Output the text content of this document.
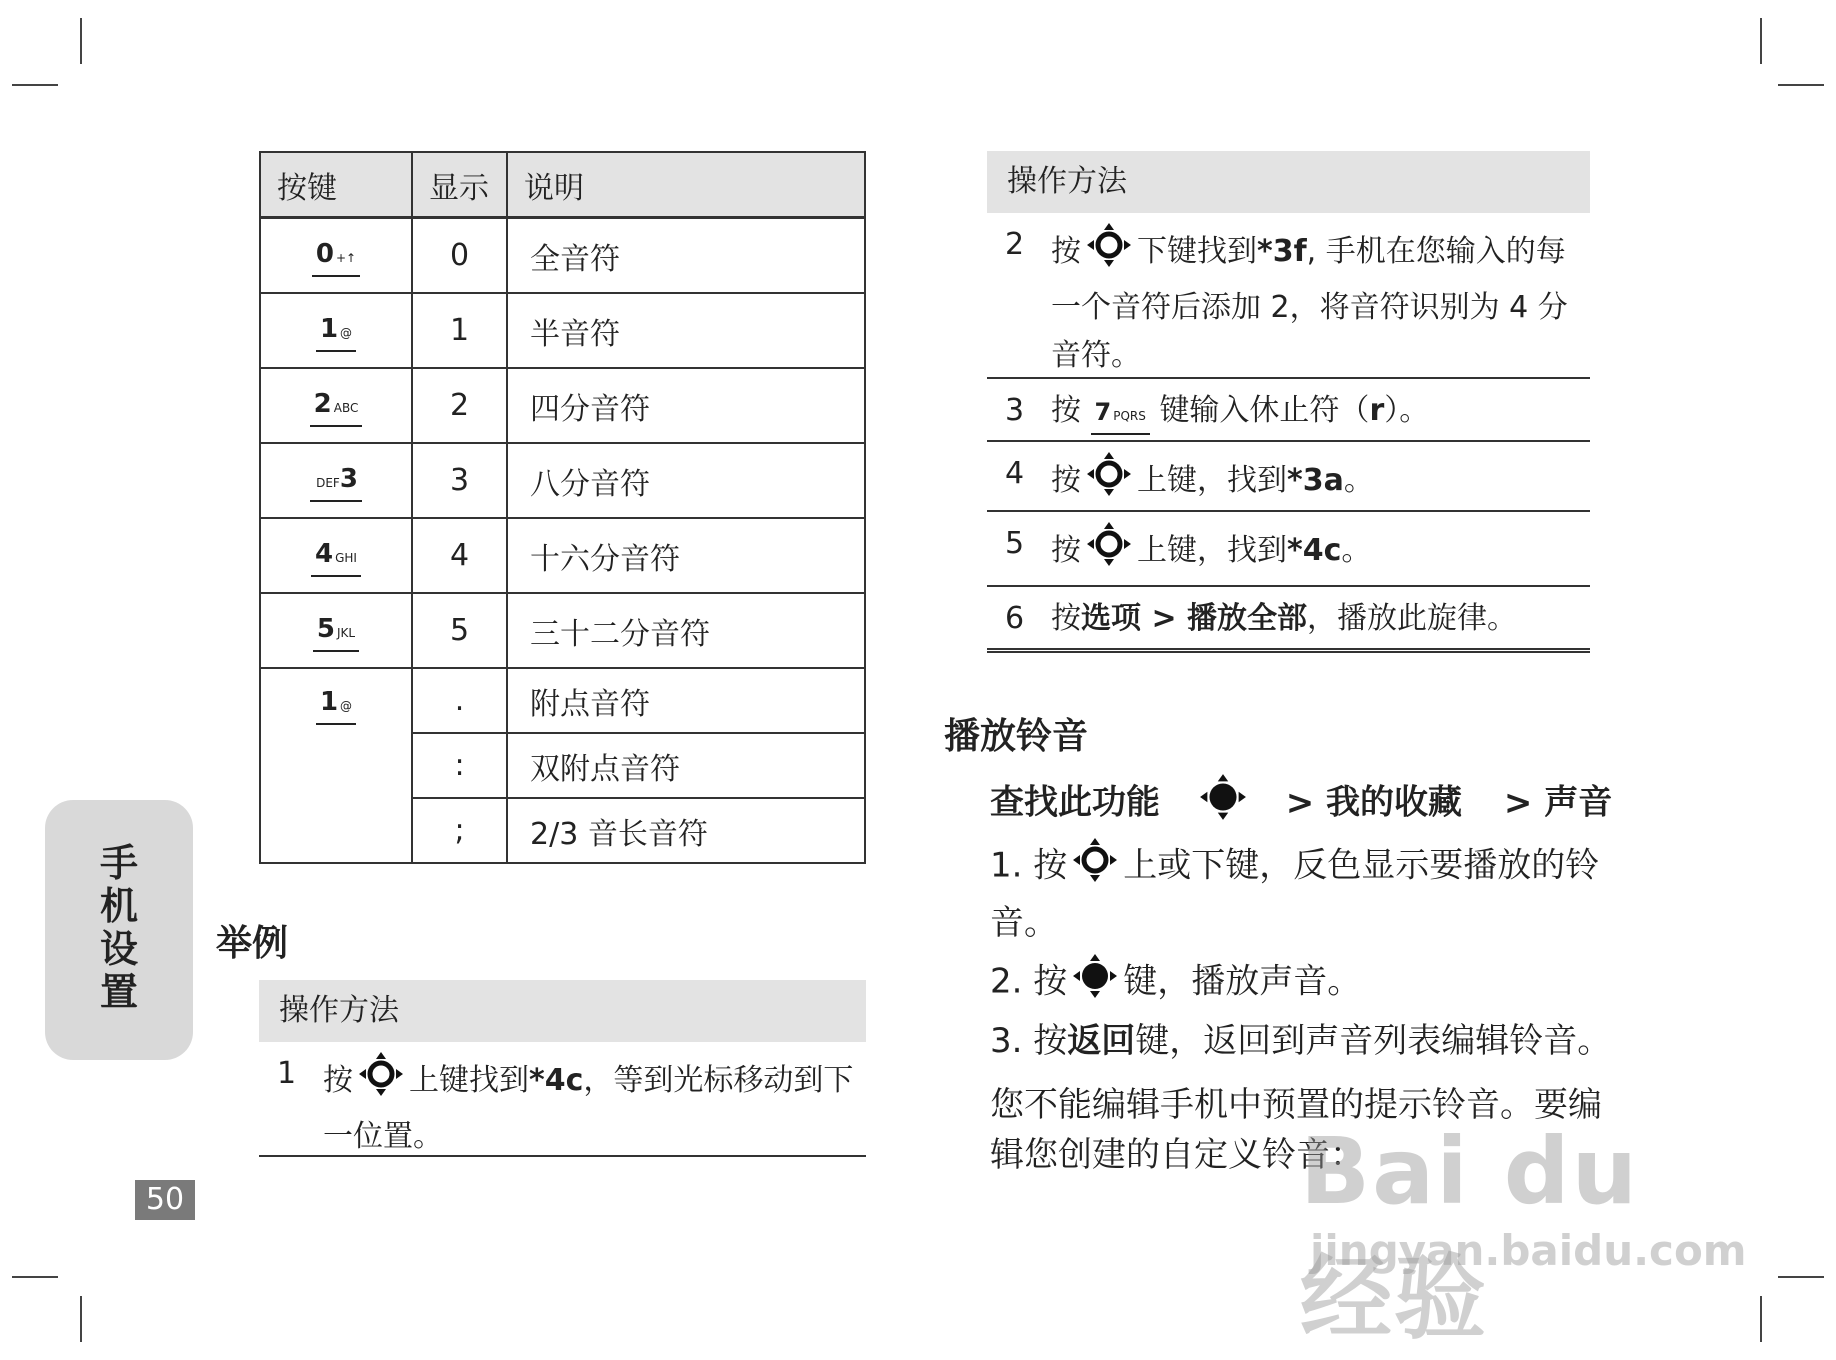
按键	显示	说明
0 +↑	0	全音符
1 @	1	半音符
2 ABC	2	四分音符
DEF3	3	八分音符
4 GHI	4	十六分音符
5 JKL	5	三十二分音符
1 @	.	附点音符
	:	双附点音符
	;	2/3 音长音符
举例
操作方法
1 按 上键找到*4c，等到光标移动到下一位置。
操作方法
2 按 下键找到*3f, 手机在您输入的每一个音符后添加 2，将音符识别为 4 分音符。
3 按 7 PQRS 键输入休止符（r）。
4 按 上键，找到*3a。
5 按 上键，找到*4c。
6 按选项 > 播放全部，播放此旋律。
播放铃音
查找此功能	> 我的收藏 > 声音
1. 按 上或下键，反色显示要播放的铃音。
2. 按 键，播放声音。
3. 按返回键，返回到声音列表编辑铃音。
您不能编辑手机中预置的提示铃音。要编辑您创建的自定义铃音：
手
机
设
置
50	Bai du 经验
jingyan.baidu.com
